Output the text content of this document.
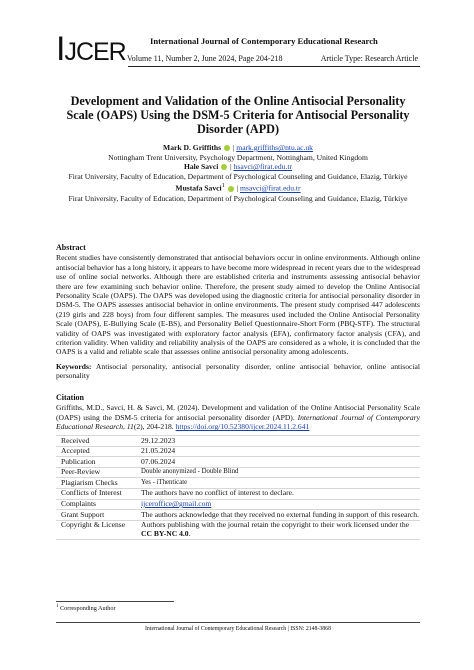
IJCER	International Journal of Contemporary Educational Research
Volume 11, Number 2, June 2024, Page 204-218	Article Type: Research Article
Development and Validation of the Online Antisocial Personality Scale (OAPS) Using the DSM-5 Criteria for Antisocial Personality Disorder (APD)
Mark D. Griffiths  | mark.griffiths@ntu.ac.uk
Nottingham Trent University, Psychology Department, Nottingham, United Kingdom
Hale Savci  | hsavci@firat.edu.tr
Firat University, Faculty of Education, Department of Psychological Counseling and Guidance, Elazig, Türkiye
Mustafa Savci$^1$  | msavci@firat.edu.tr
Firat University, Faculty of Education, Department of Psychological Counseling and Guidance, Elazig, Türkiye
Abstract

Recent studies have consistently demonstrated that antisocial behaviors occur in online environments. Although online antisocial behavior has a long history, it appears to have become more widespread in recent years due to the widespread use of online social networks. Although there are established criteria and instruments assessing antisocial behavior there are few examining such behavior online. Therefore, the present study aimed to develop the Online Antisocial Personality Scale (OAPS). The OAPS was developed using the diagnostic criteria for antisocial personality disorder in DSM-5. The OAPS assesses antisocial behavior in online environments. The present study comprised 447 adolescents (219 girls and 228 boys) from four different samples. The measures used included the Online Antisocial Personality Scale (OAPS), E-Bullying Scale (E-BS), and Personality Belief Questionnaire-Short Form (PBQ-STF). The structural validity of OAPS was investigated with exploratory factor analysis (EFA), confirmatory factor analysis (CFA), and criterion validity. When validity and reliability analysis of the OAPS are considered as a whole, it is concluded that the OAPS is a valid and reliable scale that assesses online antisocial personality among adolescents.

Keywords: Antisocial personality, antisocial personality disorder, online antisocial behavior, online antisocial personality

Citation

Griffiths, M.D., Savci, H. & Savci, M. (2024). Development and validation of the Online Antisocial Personality Scale (OAPS) using the DSM-5 criteria for antisocial personality disorder (APD). International Journal of Contemporary Educational Research, 11(2), 204-218. https://doi.org/10.52380/ijcer.2024.11.2.641

Received	29.12.2023
Accepted	21.05.2024
Publication	07.06.2024
Peer-Review	Double anonymized - Double Blind
Plagiarism Checks	Yes - iThenticate
Conflicts of Interest	The authors have no conflict of interest to declare.
Complaints	ijceroffice@gmail.com
Grant Support	The authors acknowledge that they received no external funding in support of this research.
Copyright & License	Authors publishing with the journal retain the copyright to their work licensed under the CC BY-NC 4.0.
$^1$ Corresponding Author
International Journal of Contemporary Educational Research | ISSN: 2148-3868
